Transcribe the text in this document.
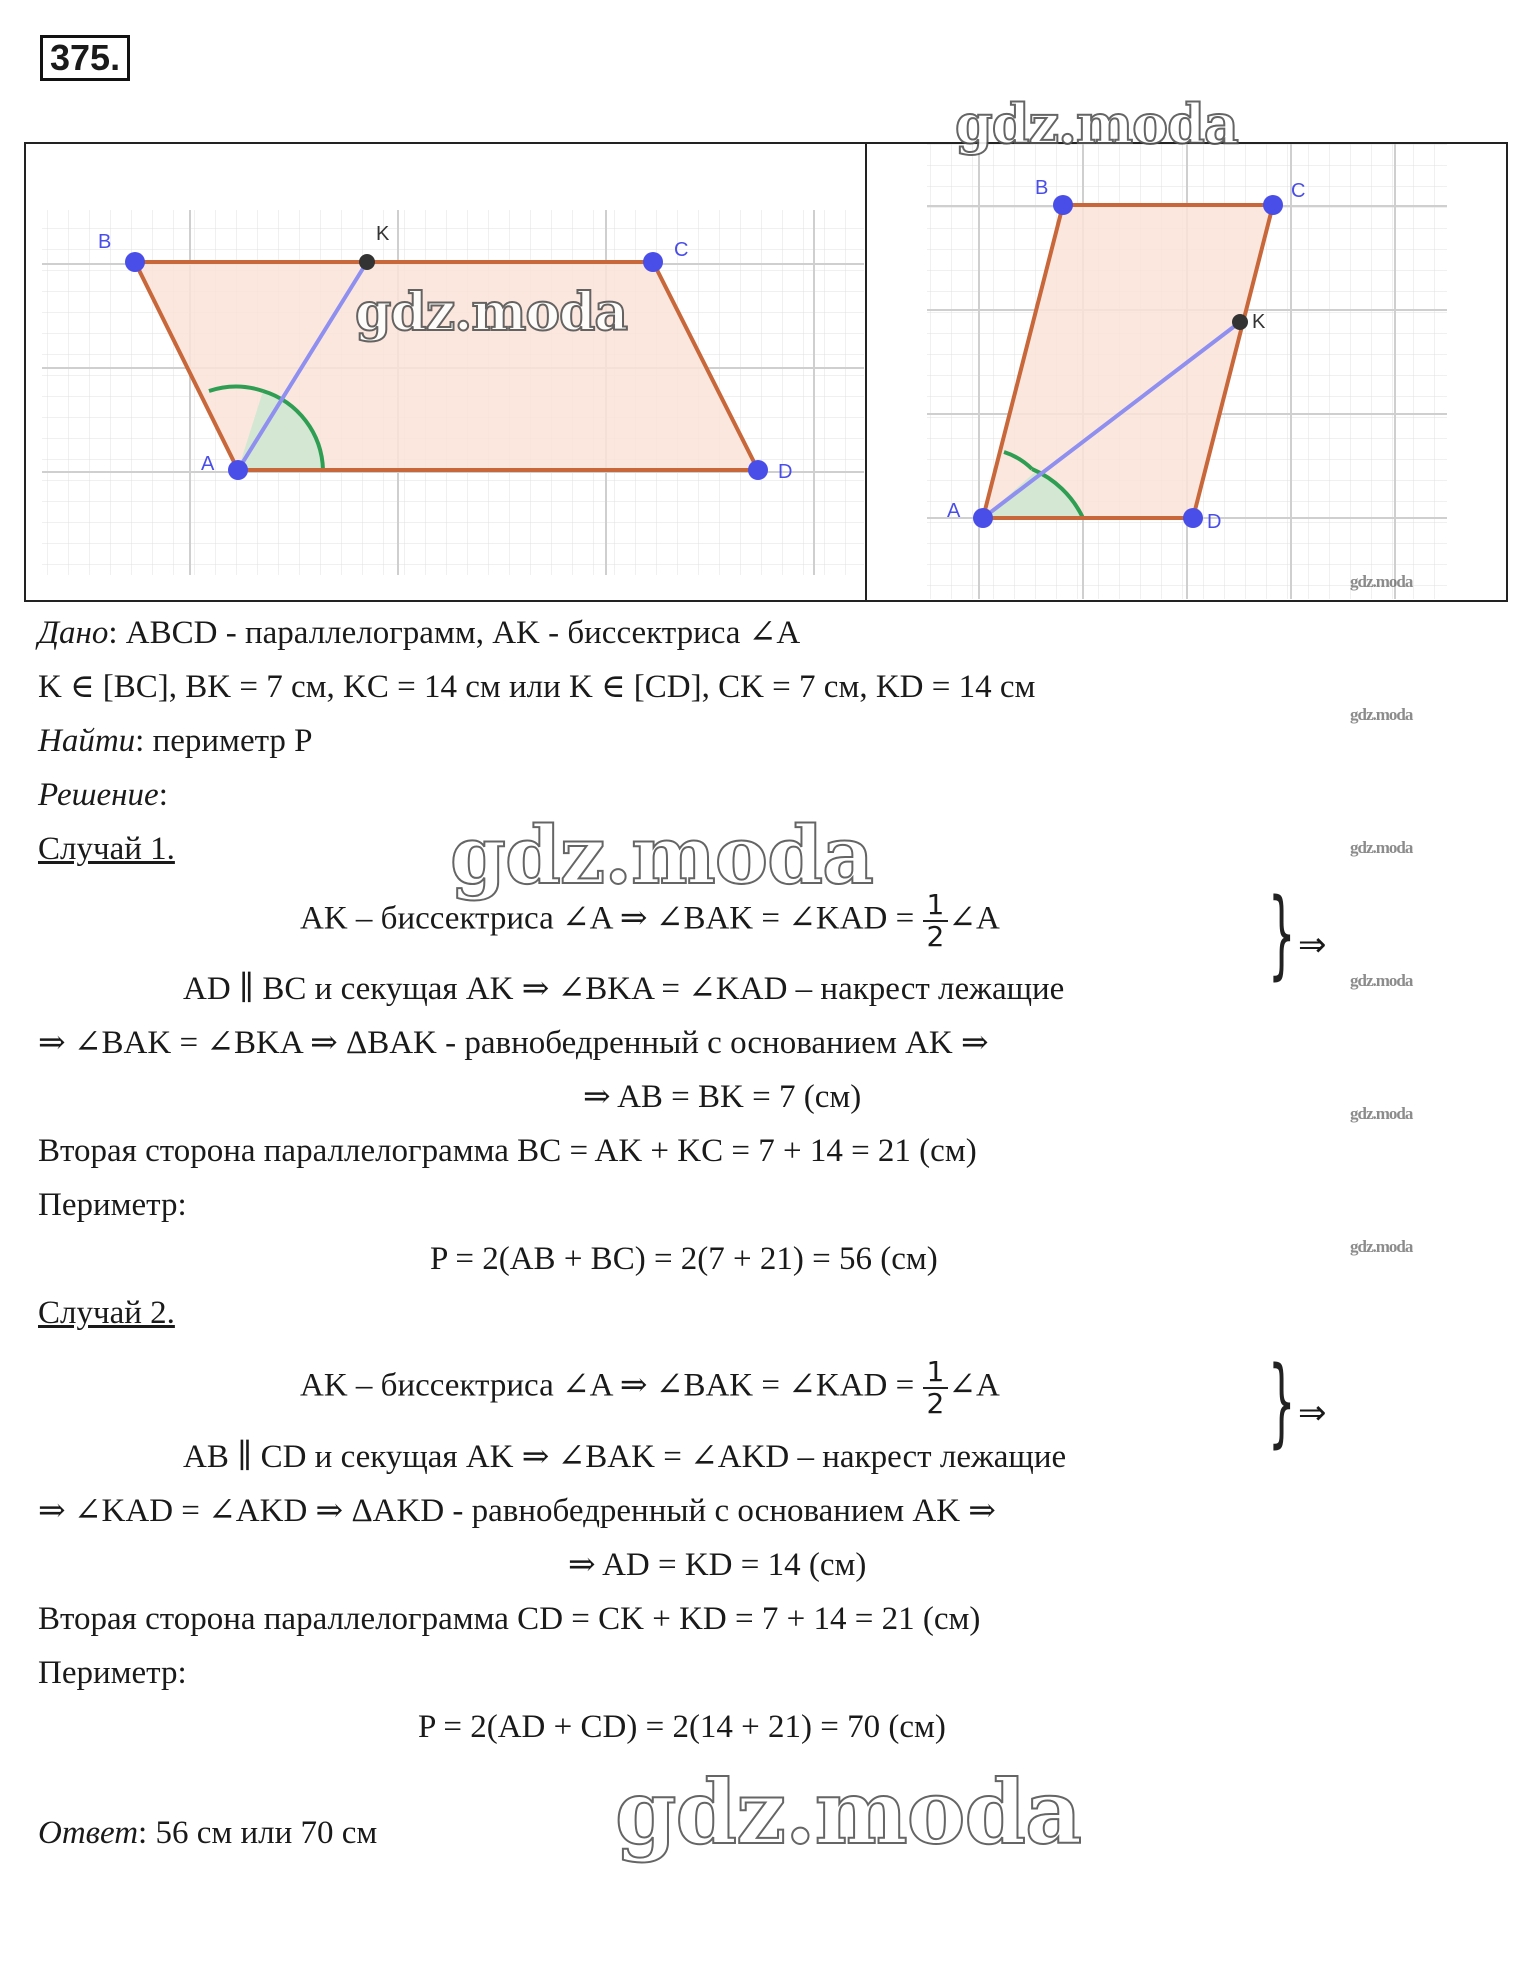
375.
B	K
C
A	D
B	C
K
A	D
gdz.moda
gdz.moda
gdz.moda
gdz.moda
gdz.moda
gdz.moda
gdz.moda
gdz.moda
gdz.moda
gdz.moda
Дано: ABCD - параллелограмм, AK - биссектриса ∠A
K ∈ [BC], BK = 7 см, KC = 14 см или K ∈ [CD], CK = 7 см, KD = 14 см
Найти: периметр P
Решение:
Случай 1.
AK – биссектриса ∠A ⇒ ∠BAK = ∠KAD = $\frac{1}{2}$ ∠A
AD ∥ BC и секущая AK ⇒ ∠BKA = ∠KAD – накрест лежащие } ⇒
⇒ ∠BAK = ∠BKA ⇒ ΔBAK - равнобедренный с основанием AK ⇒
⇒ AB = BK = 7 (см)
Вторая сторона параллелограмма BC = AK + KC = 7 + 14 = 21 (см)
Периметр:
P = 2(AB + BC) = 2(7 + 21) = 56 (см)
Случай 2.
AK – биссектриса ∠A ⇒ ∠BAK = ∠KAD = $\frac{1}{2}$ ∠A
AB ∥ CD и секущая AK ⇒ ∠BAK = ∠AKD – накрест лежащие } ⇒
⇒ ∠KAD = ∠AKD ⇒ ΔAKD - равнобедренный с основанием AK ⇒
⇒ AD = KD = 14 (см)
Вторая сторона параллелограмма CD = CK + KD = 7 + 14 = 21 (см)
Периметр:
P = 2(AD + CD) = 2(14 + 21) = 70 (см)
Ответ: 56 см или 70 см
